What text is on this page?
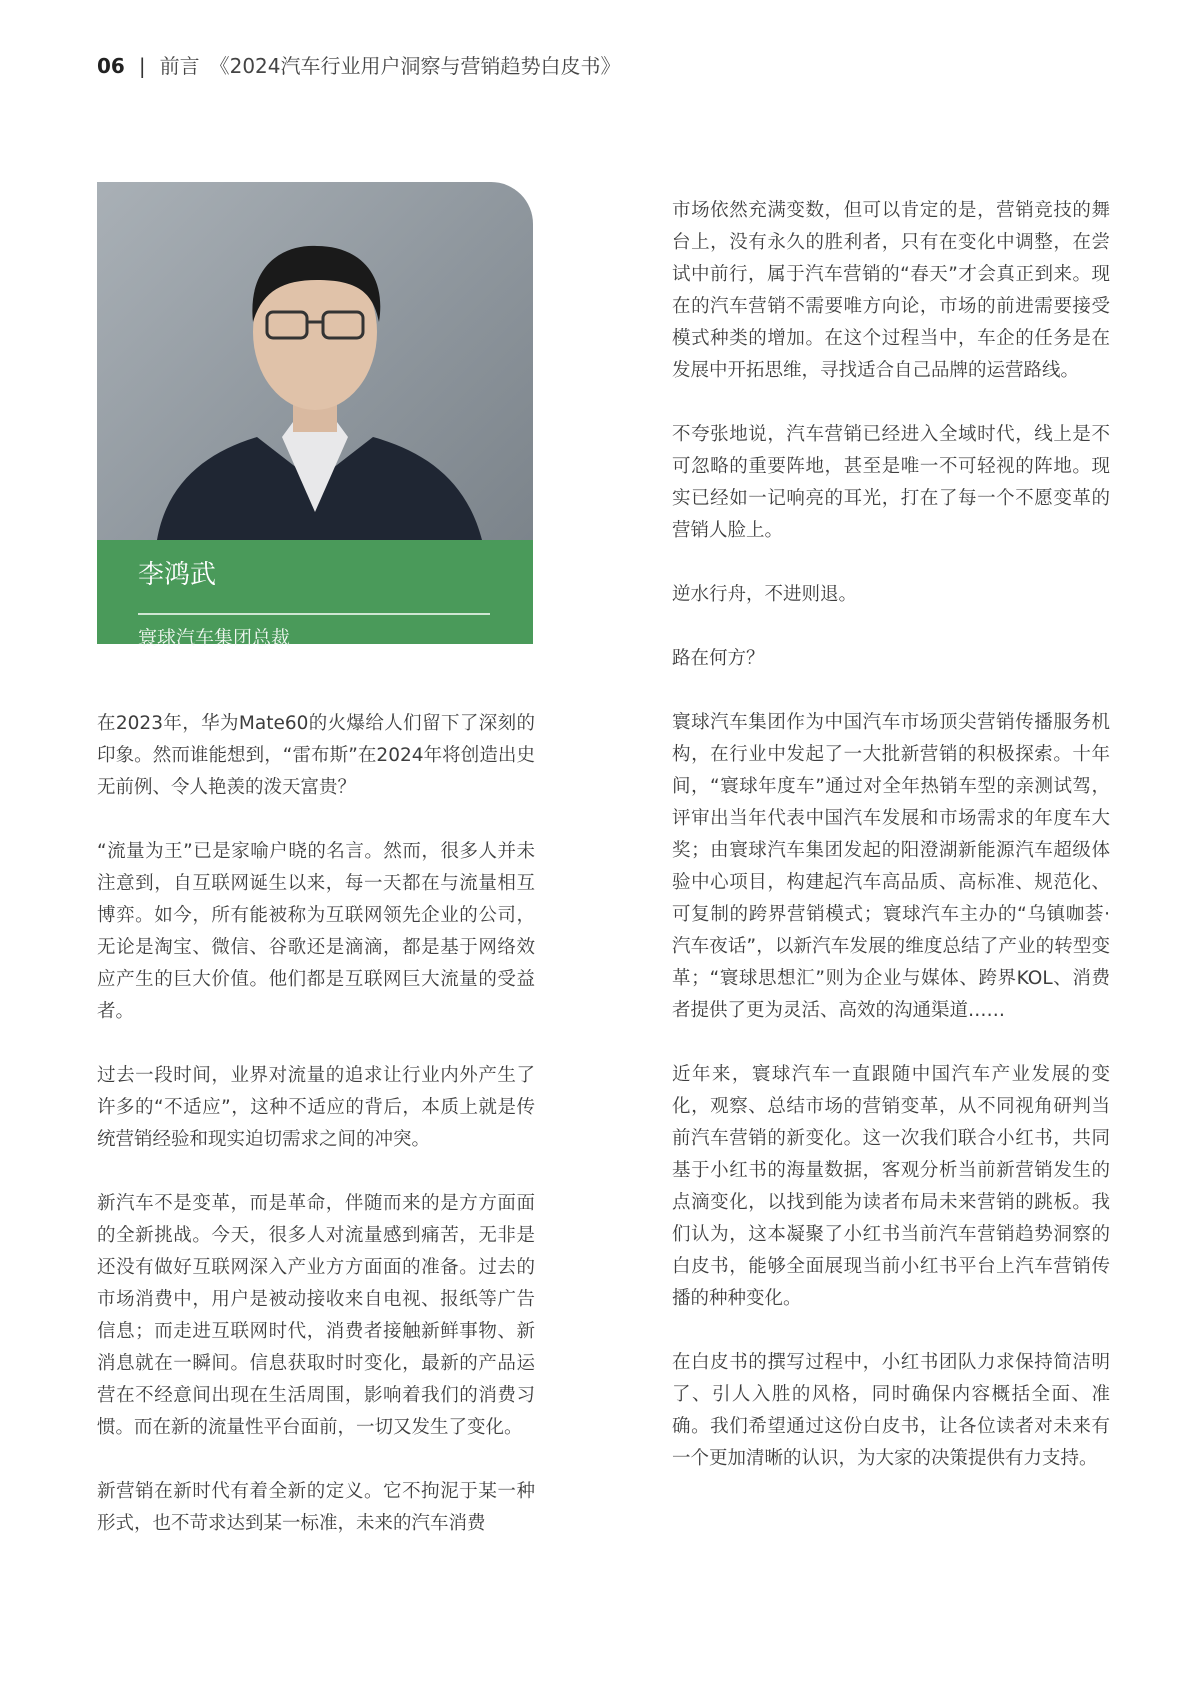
06 | 前言 《2024汽车行业用户洞察与营销趋势白皮书》
李鸿武
寰球汽车集团总裁

在2023年，华为Mate60的火爆给人们留下了深刻的印象。然而谁能想到，“雷布斯”在2024年将创造出史无前例、令人艳羡的泼天富贵？

“流量为王”已是家喻户晓的名言。然而，很多人并未注意到，自互联网诞生以来，每一天都在与流量相互博弈。如今，所有能被称为互联网领先企业的公司，无论是淘宝、微信、谷歌还是滴滴，都是基于网络效应产生的巨大价值。他们都是互联网巨大流量的受益者。

过去一段时间，业界对流量的追求让行业内外产生了许多的“不适应”，这种不适应的背后，本质上就是传统营销经验和现实迫切需求之间的冲突。

新汽车不是变革，而是革命，伴随而来的是方方面面的全新挑战。今天，很多人对流量感到痛苦，无非是还没有做好互联网深入产业方方面面的准备。过去的市场消费中，用户是被动接收来自电视、报纸等广告信息；而走进互联网时代，消费者接触新鲜事物、新消息就在一瞬间。信息获取时时变化，最新的产品运营在不经意间出现在生活周围，影响着我们的消费习惯。而在新的流量性平台面前，一切又发生了变化。

新营销在新时代有着全新的定义。它不拘泥于某一种形式，也不苛求达到某一标准，未来的汽车消费

市场依然充满变数，但可以肯定的是，营销竞技的舞台上，没有永久的胜利者，只有在变化中调整，在尝试中前行，属于汽车营销的“春天”才会真正到来。现在的汽车营销不需要唯方向论，市场的前进需要接受模式种类的增加。在这个过程当中，车企的任务是在发展中开拓思维，寻找适合自己品牌的运营路线。

不夸张地说，汽车营销已经进入全域时代，线上是不可忽略的重要阵地，甚至是唯一不可轻视的阵地。现实已经如一记响亮的耳光，打在了每一个不愿变革的营销人脸上。

逆水行舟，不进则退。

路在何方？

寰球汽车集团作为中国汽车市场顶尖营销传播服务机构，在行业中发起了一大批新营销的积极探索。十年间，“寰球年度车”通过对全年热销车型的亲测试驾，评审出当年代表中国汽车发展和市场需求的年度车大奖；由寰球汽车集团发起的阳澄湖新能源汽车超级体验中心项目，构建起汽车高品质、高标准、规范化、可复制的跨界营销模式；寰球汽车主办的“乌镇咖荟·汽车夜话”，以新汽车发展的维度总结了产业的转型变革；“寰球思想汇”则为企业与媒体、跨界KOL、消费者提供了更为灵活、高效的沟通渠道……

近年来，寰球汽车一直跟随中国汽车产业发展的变化，观察、总结市场的营销变革，从不同视角研判当前汽车营销的新变化。这一次我们联合小红书，共同基于小红书的海量数据，客观分析当前新营销发生的点滴变化，以找到能为读者布局未来营销的跳板。我们认为，这本凝聚了小红书当前汽车营销趋势洞察的白皮书，能够全面展现当前小红书平台上汽车营销传播的种种变化。

在白皮书的撰写过程中，小红书团队力求保持简洁明了、引人入胜的风格，同时确保内容概括全面、准确。我们希望通过这份白皮书，让各位读者对未来有一个更加清晰的认识，为大家的决策提供有力支持。
